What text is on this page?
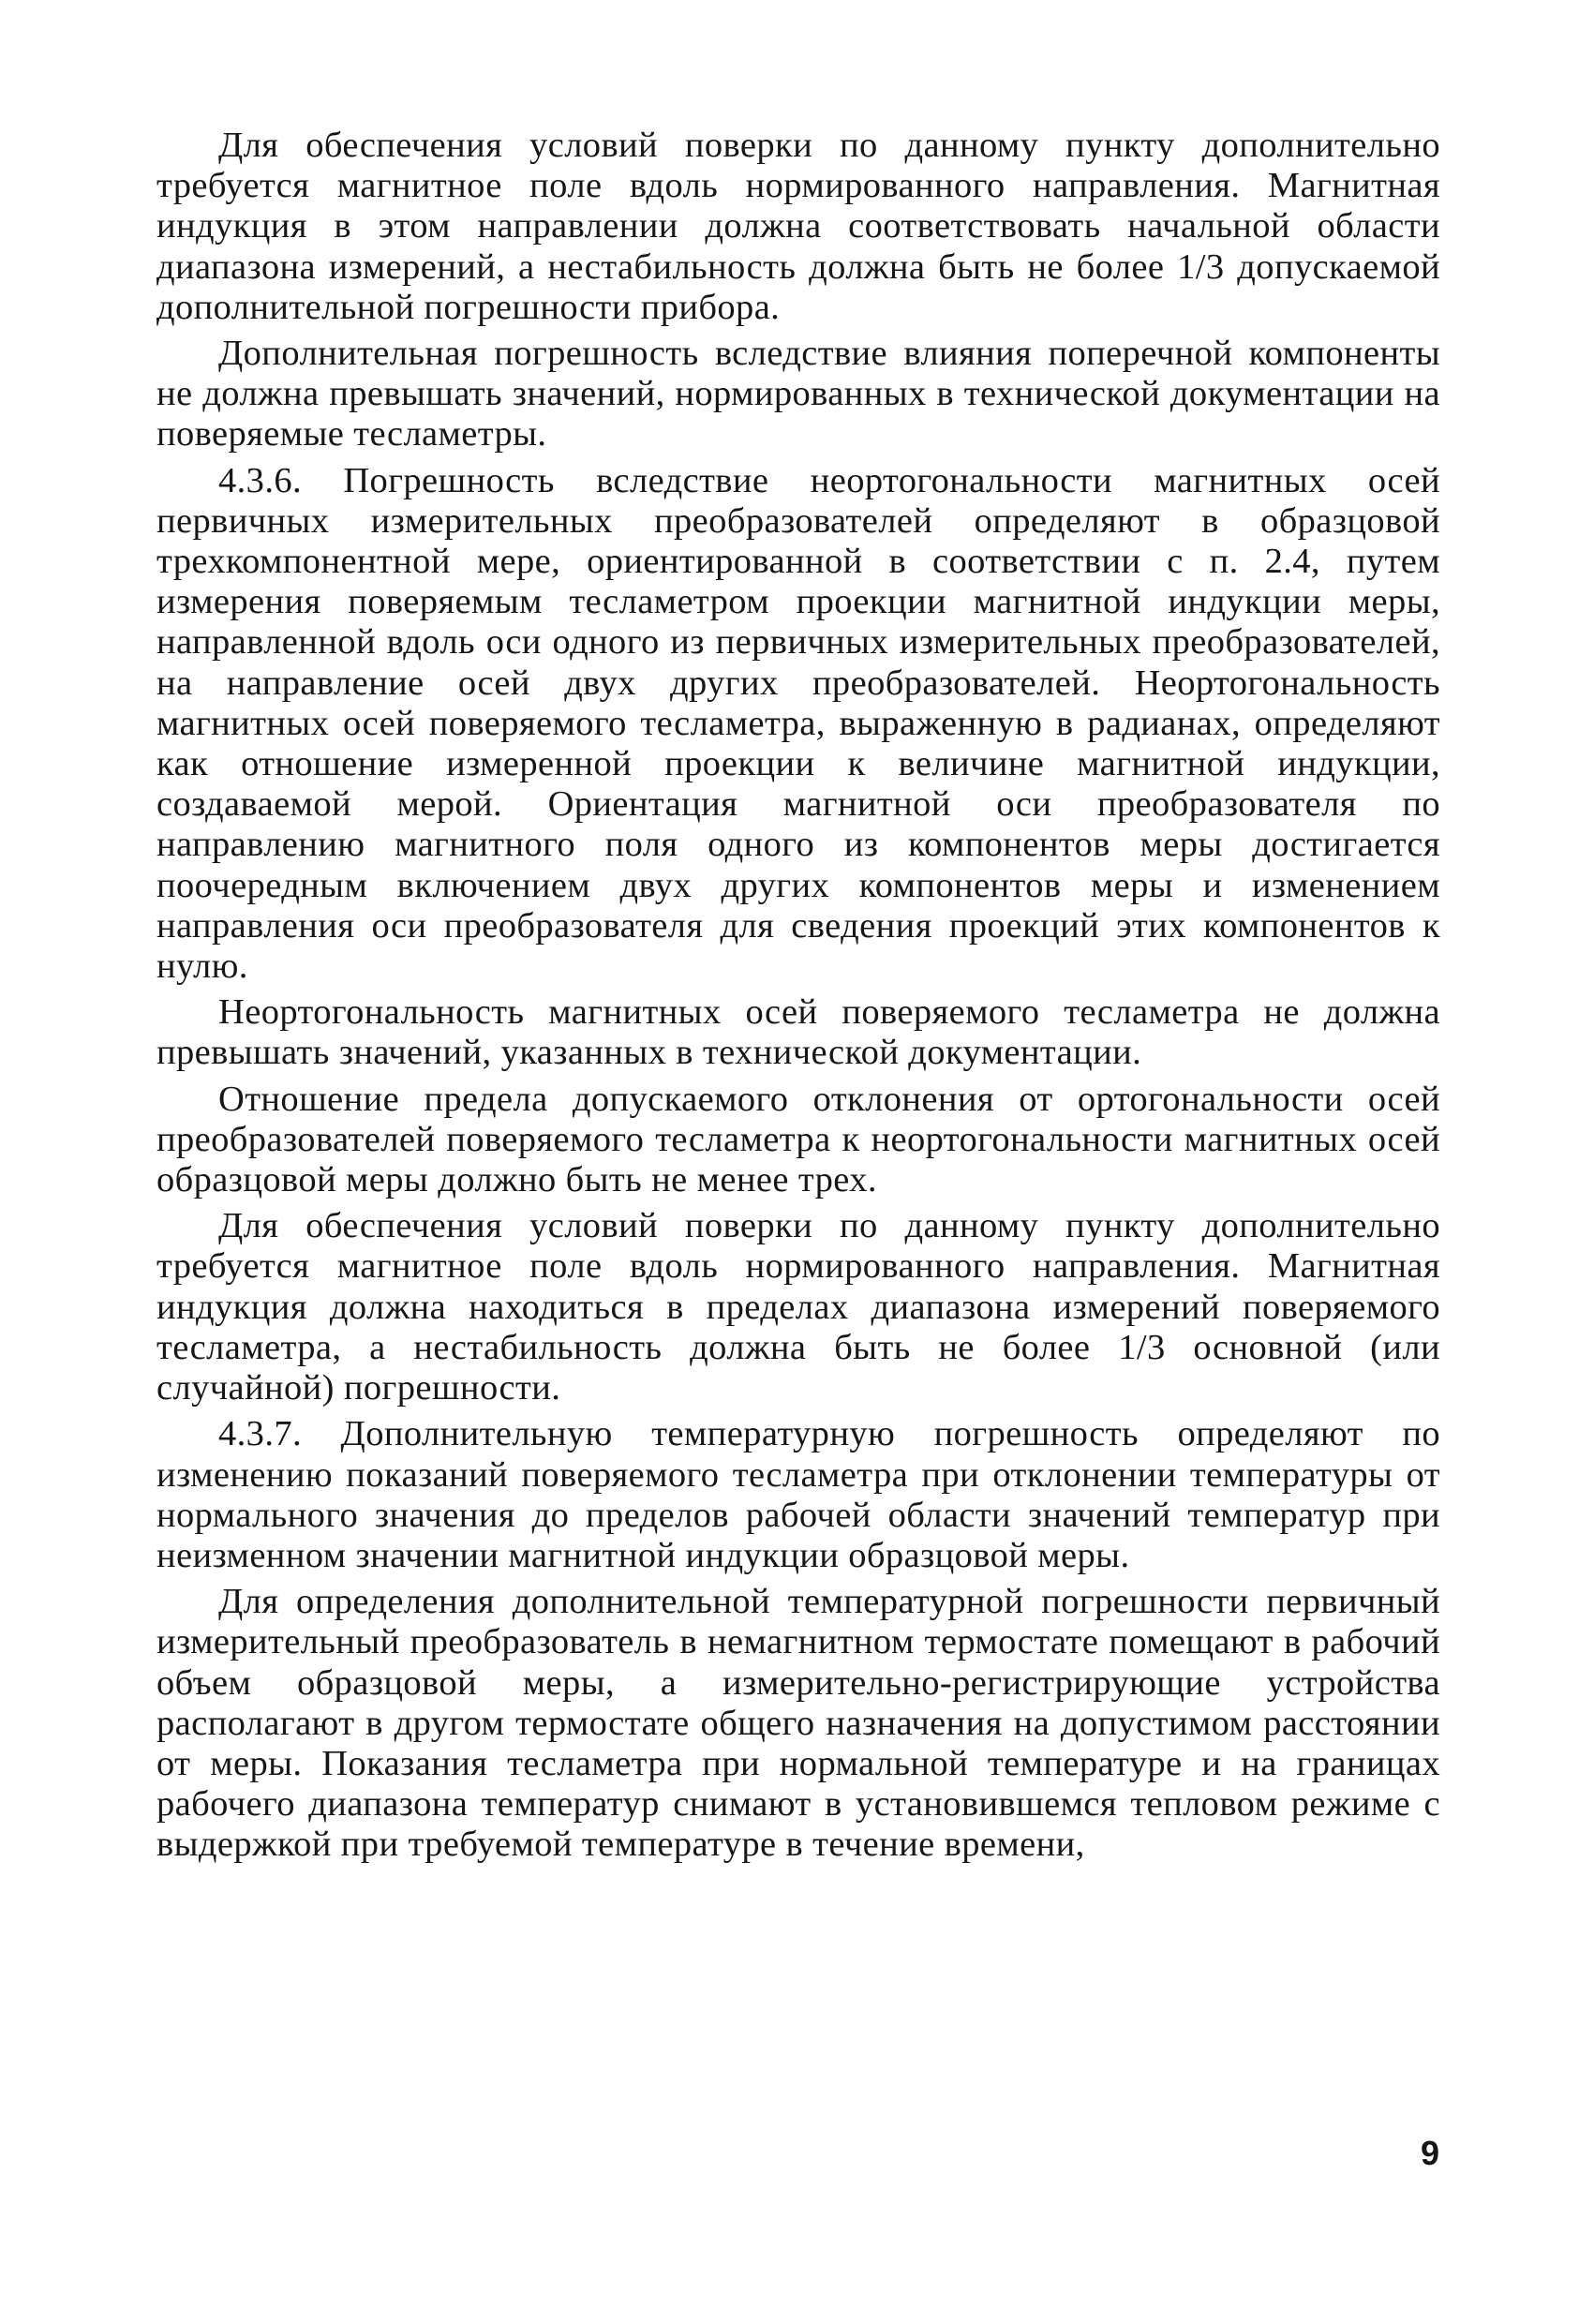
Для обеспечения условий поверки по данному пункту дополнительно требуется магнитное поле вдоль нормированного направления. Магнитная индукция в этом направлении должна соответствовать начальной области диапазона измерений, а нестабильность должна быть не более 1/3 допускаемой дополнительной погрешности прибора.

Дополнительная погрешность вследствие влияния поперечной компоненты не должна превышать значений, нормированных в технической документации на поверяемые тесламетры.

4.3.6. Погрешность вследствие неортогональности магнитных осей первичных измерительных преобразователей определяют в образцовой трехкомпонентной мере, ориентированной в соответствии с п. 2.4, путем измерения поверяемым тесламетром проекции магнитной индукции меры, направленной вдоль оси одного из первичных измерительных преобразователей, на направление осей двух других преобразователей. Неортогональность магнитных осей поверяемого тесламетра, выраженную в радианах, определяют как отношение измеренной проекции к величине магнитной индукции, создаваемой мерой. Ориентация магнитной оси преобразователя по направлению магнитного поля одного из компонентов меры достигается поочередным включением двух других компонентов меры и изменением направления оси преобразователя для сведения проекций этих компонентов к нулю.

Неортогональность магнитных осей поверяемого тесламетра не должна превышать значений, указанных в технической документации.

Отношение предела допускаемого отклонения от ортогональности осей преобразователей поверяемого тесламетра к неортогональности магнитных осей образцовой меры должно быть не менее трех.

Для обеспечения условий поверки по данному пункту дополнительно требуется магнитное поле вдоль нормированного направления. Магнитная индукция должна находиться в пределах диапазона измерений поверяемого тесламетра, а нестабильность должна быть не более 1/3 основной (или случайной) погрешности.

4.3.7. Дополнительную температурную погрешность определяют по изменению показаний поверяемого тесламетра при отклонении температуры от нормального значения до пределов рабочей области значений температур при неизменном значении магнитной индукции образцовой меры.

Для определения дополнительной температурной погрешности первичный измерительный преобразователь в немагнитном термостате помещают в рабочий объем образцовой меры, а измерительно-регистрирующие устройства располагают в другом термостате общего назначения на допустимом расстоянии от меры. Показания тесламетра при нормальной температуре и на границах рабочего диапазона температур снимают в установившемся тепловом режиме с выдержкой при требуемой температуре в течение времени,

9
